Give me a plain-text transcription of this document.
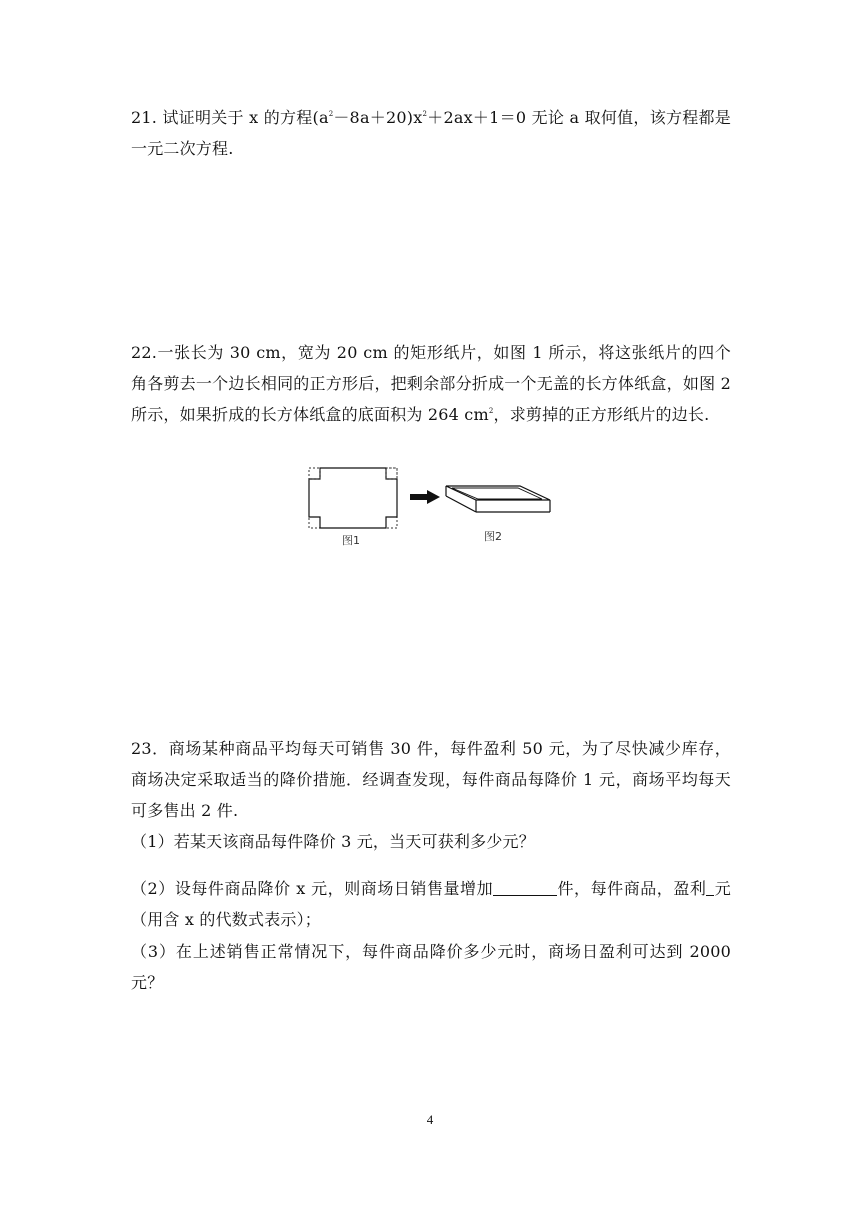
21. 试证明关于 x 的方程$(a^2-8a+20)x^2+2ax+1=0$ 无论 a 取何值，该方程都是一元二次方程.
22.一张长为 30 cm，宽为 20 cm 的矩形纸片，如图 1 所示，将这张纸片的四个角各剪去一个边长相同的正方形后，把剩余部分折成一个无盖的长方体纸盒，如图 2 所示，如果折成的长方体纸盒的底面积为 264 $cm^2$，求剪掉的正方形纸片的边长.
图1	图2
23．商场某种商品平均每天可销售 30 件，每件盈利 50 元，为了尽快减少库存，商场决定采取适当的降价措施．经调查发现，每件商品每降价 1 元，商场平均每天可多售出 2 件.
（1）若某天该商品每件降价 3 元，当天可获利多少元？
（2）设每件商品降价 x 元，则商场日销售量增加	件，每件商品，盈利 元（用含 x 的代数式表示）；
（3）在上述销售正常情况下，每件商品降价多少元时，商场日盈利可达到 2000 元？
4
